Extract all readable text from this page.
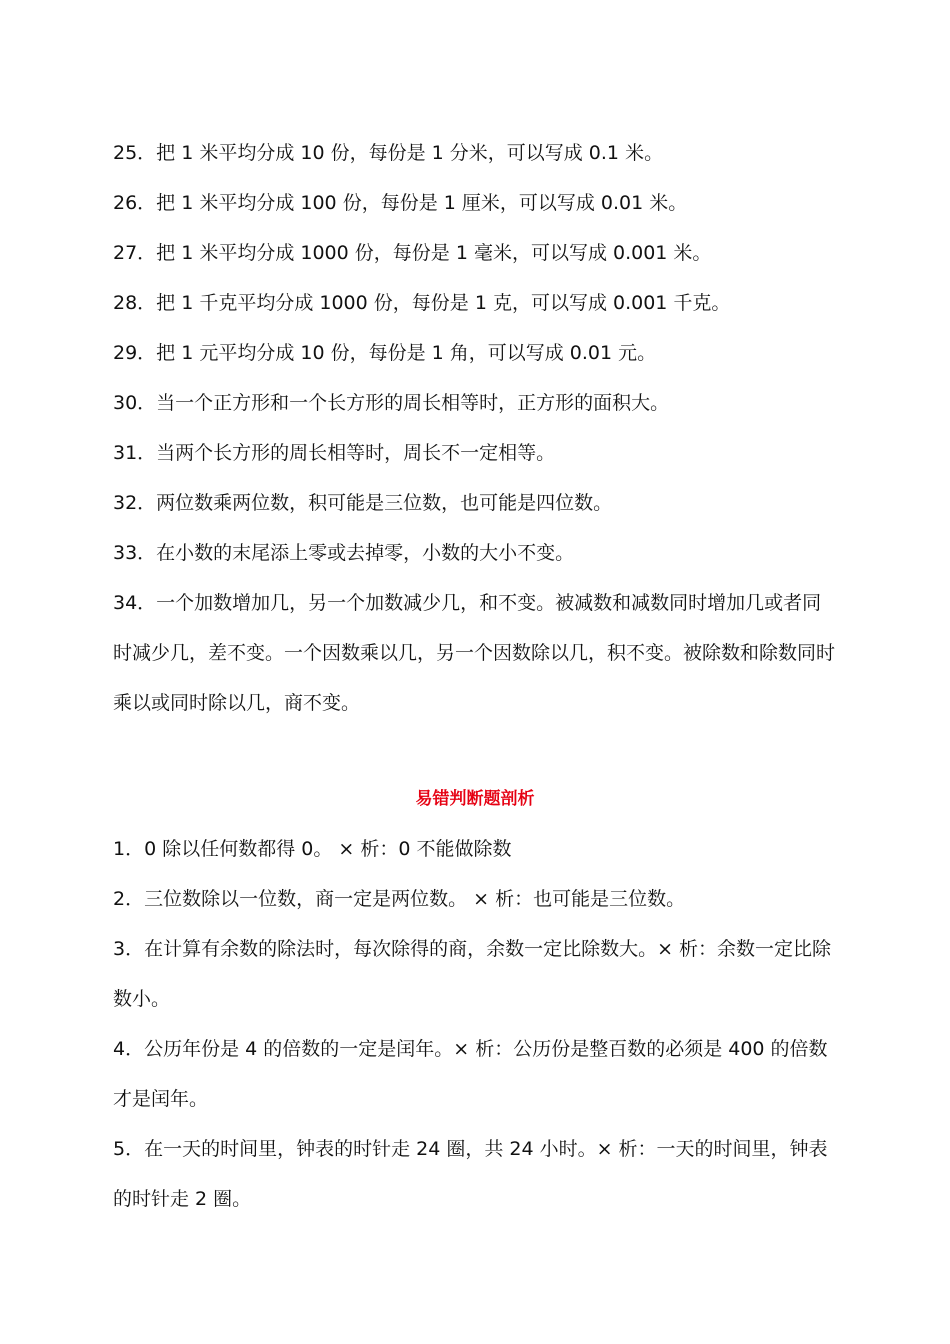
25．把 1 米平均分成 10 份，每份是 1 分米，可以写成 0.1 米。

26．把 1 米平均分成 100 份，每份是 1 厘米，可以写成 0.01 米。

27．把 1 米平均分成 1000 份，每份是 1 毫米，可以写成 0.001 米。

28．把 1 千克平均分成 1000 份，每份是 1 克，可以写成 0.001 千克。

29．把 1 元平均分成 10 份，每份是 1 角，可以写成 0.01 元。

30．当一个正方形和一个长方形的周长相等时，正方形的面积大。

31．当两个长方形的周长相等时，周长不一定相等。

32．两位数乘两位数，积可能是三位数，也可能是四位数。

33．在小数的末尾添上零或去掉零，小数的大小不变。

34．一个加数增加几，另一个加数减少几，和不变。被减数和减数同时增加几或者同时减少几，差不变。一个因数乘以几，另一个因数除以几，积不变。被除数和除数同时乘以或同时除以几，商不变。

易错判断题剖析

1．0 除以任何数都得 0。 × 析：0 不能做除数

2．三位数除以一位数，商一定是两位数。 × 析：也可能是三位数。

3．在计算有余数的除法时，每次除得的商，余数一定比除数大。× 析：余数一定比除数小。

4．公历年份是 4 的倍数的一定是闰年。× 析：公历份是整百数的必须是 400 的倍数才是闰年。

5．在一天的时间里，钟表的时针走 24 圈，共 24 小时。× 析：一天的时间里，钟表的时针走 2 圈。
